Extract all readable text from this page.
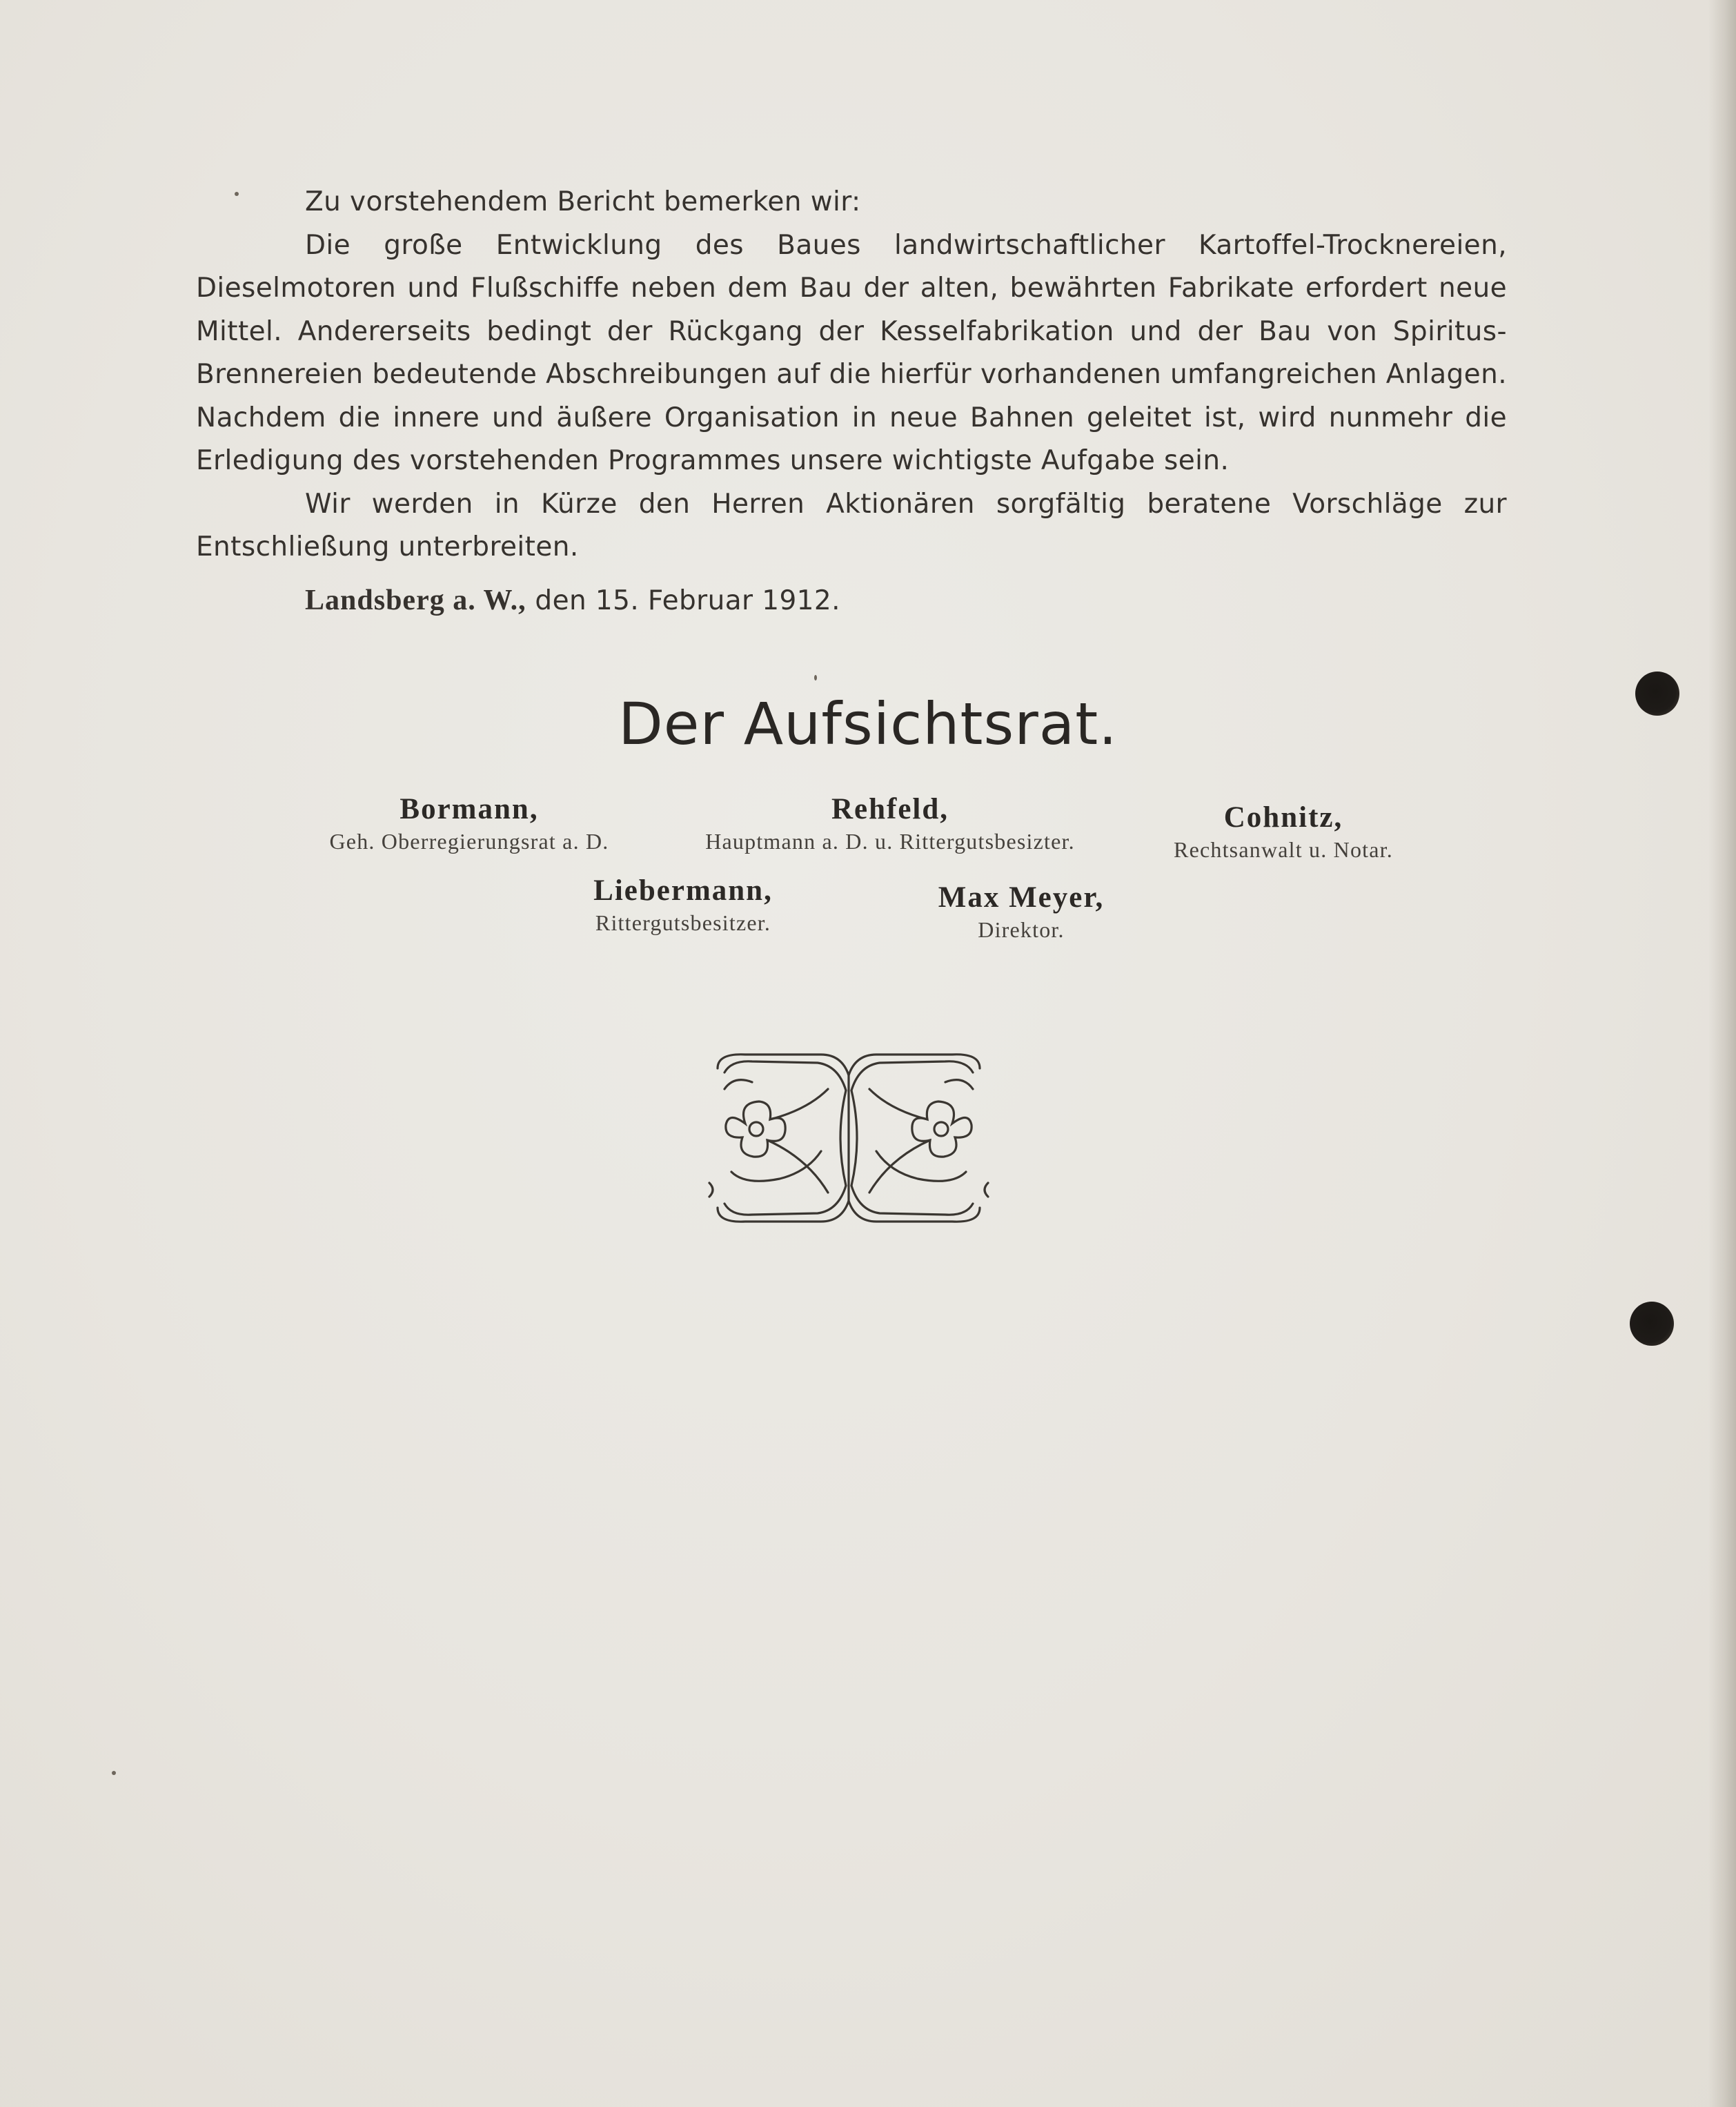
Zu vorstehendem Bericht bemerken wir:

Die große Entwicklung des Baues landwirtschaftlicher Kartoffel-Trocknereien, Dieselmotoren und Flußschiffe neben dem Bau der alten, bewährten Fabrikate erfordert neue Mittel. Andererseits bedingt der Rückgang der Kesselfabrikation und der Bau von Spiritus-Brennereien bedeutende Abschreibungen auf die hierfür vorhandenen umfangreichen Anlagen. Nachdem die innere und äußere Organisation in neue Bahnen geleitet ist, wird nunmehr die Erledigung des vorstehenden Programmes unsere wichtigste Aufgabe sein.

Wir werden in Kürze den Herren Aktionären sorgfältig beratene Vorschläge zur Entschließung unterbreiten.

Landsberg a. W., den 15. Februar 1912.
Der Aufsichtsrat.
Bormann,
Geh. Oberregierungsrat a. D.
Rehfeld,
Hauptmann a. D. u. Rittergutsbesizter.
Cohnitz,
Rechtsanwalt u. Notar.
Liebermann,
Rittergutsbesitzer.
Max Meyer,
Direktor.
